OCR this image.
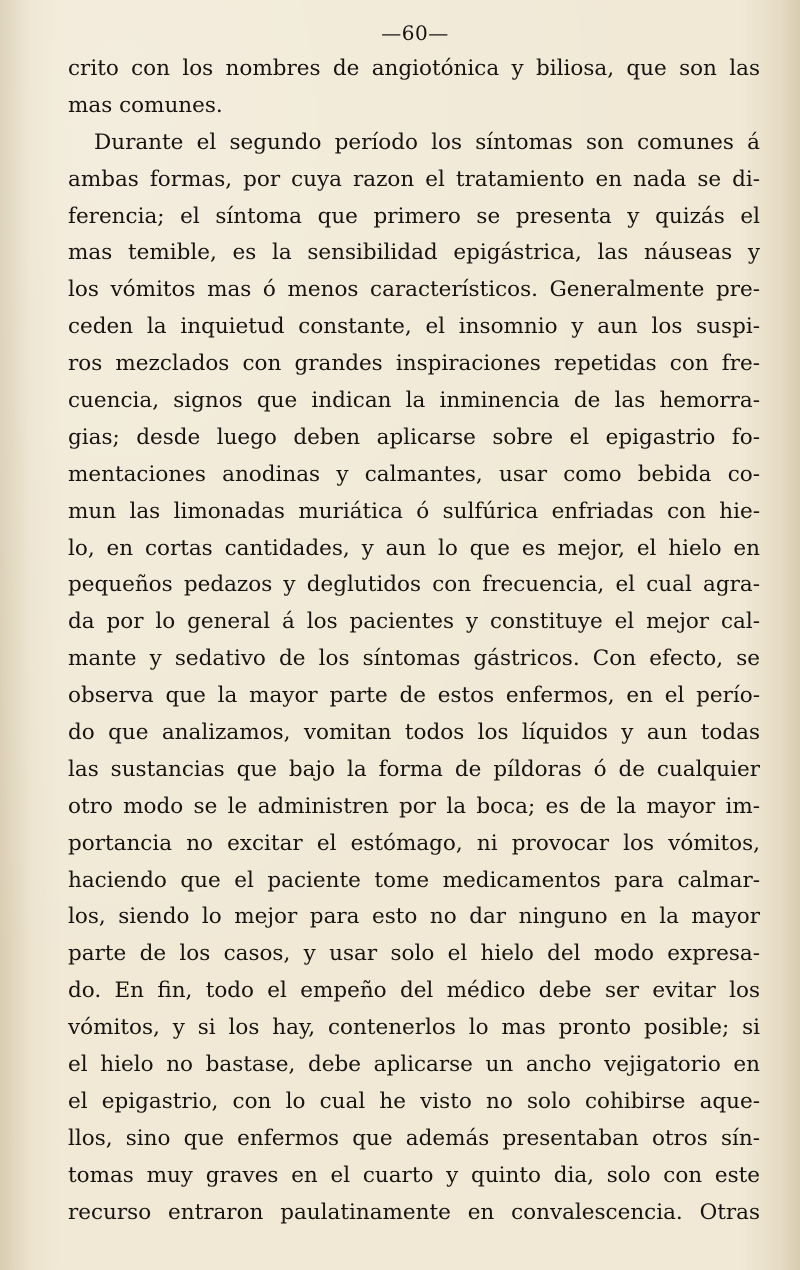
—60—
crito con los nombres de angiotónica y biliosa, que son las
mas comunes.
Durante el segundo período los síntomas son comunes á
ambas formas, por cuya razon el tratamiento en nada se di-
ferencia; el síntoma que primero se presenta y quizás el
mas temible, es la sensibilidad epigástrica, las náuseas y
los vómitos mas ó menos característicos. Generalmente pre-
ceden la inquietud constante, el insomnio y aun los suspi-
ros mezclados con grandes inspiraciones repetidas con fre-
cuencia, signos que indican la inminencia de las hemorra-
gias; desde luego deben aplicarse sobre el epigastrio fo-
mentaciones anodinas y calmantes, usar como bebida co-
mun las limonadas muriática ó sulfúrica enfriadas con hie-
lo, en cortas cantidades, y aun lo que es mejor, el hielo en
pequeños pedazos y deglutidos con frecuencia, el cual agra-
da por lo general á los pacientes y constituye el mejor cal-
mante y sedativo de los síntomas gástricos. Con efecto, se
observa que la mayor parte de estos enfermos, en el perío-
do que analizamos, vomitan todos los líquidos y aun todas
las sustancias que bajo la forma de píldoras ó de cualquier
otro modo se le administren por la boca; es de la mayor im-
portancia no excitar el estómago, ni provocar los vómitos,
haciendo que el paciente tome medicamentos para calmar-
los, siendo lo mejor para esto no dar ninguno en la mayor
parte de los casos, y usar solo el hielo del modo expresa-
do. En fin, todo el empeño del médico debe ser evitar los
vómitos, y si los hay, contenerlos lo mas pronto posible; si
el hielo no bastase, debe aplicarse un ancho vejigatorio en
el epigastrio, con lo cual he visto no solo cohibirse aque-
llos, sino que enfermos que además presentaban otros sín-
tomas muy graves en el cuarto y quinto dia, solo con este
recurso entraron paulatinamente en convalescencia. Otras
